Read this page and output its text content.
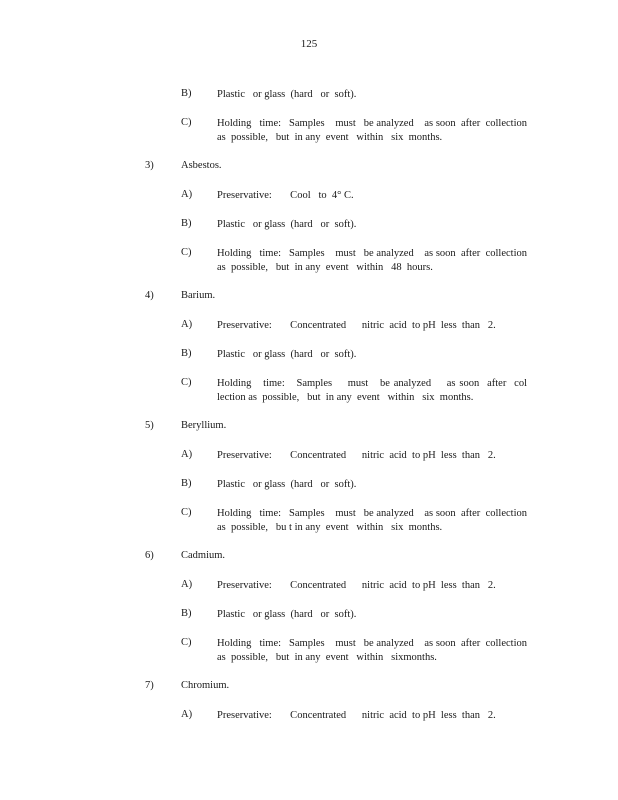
125
B) Plastic   or glass  (hard   or  soft).
C) Holding   time:   Samples    must   be analyzed    as soon  after  collection as  possible,   but  in any  event   within   six  months.
3)	Asbestos.
A) Preservative:       Cool   to  4° C.
B) Plastic   or glass  (hard   or  soft).
C) Holding   time:   Samples    must   be analyzed    as soon  after  collection as  possible,   but  in any  event   within   48  hours.
4)	Barium.
A) Preservative:       Concentrated      nitric  acid  to pH  less  than   2.
B) Plastic   or glass  (hard   or  soft).
C) Holding   time:   Samples    must   be analyzed    as soon  after  col lection as  possible,   but  in any  event   within   six  months.
5)	Beryllium.
A) Preservative:       Concentrated      nitric  acid  to pH  less  than   2.
B) Plastic   or glass  (hard   or  soft).
C) Holding   time:   Samples    must   be analyzed    as soon  after  collection as  possible,   bu t in any  event   within   six  months.
6)	Cadmium.
A) Preservative:       Concentrated      nitric  acid  to pH  less  than   2.
B) Plastic   or glass  (hard   or  soft).
C) Holding   time:   Samples    must   be analyzed    as soon  after  collection as  possible,   but  in any  event   within   sixmonths.
7)	Chromium.
A) Preservative:       Concentrated      nitric  acid  to pH  less  than   2.
